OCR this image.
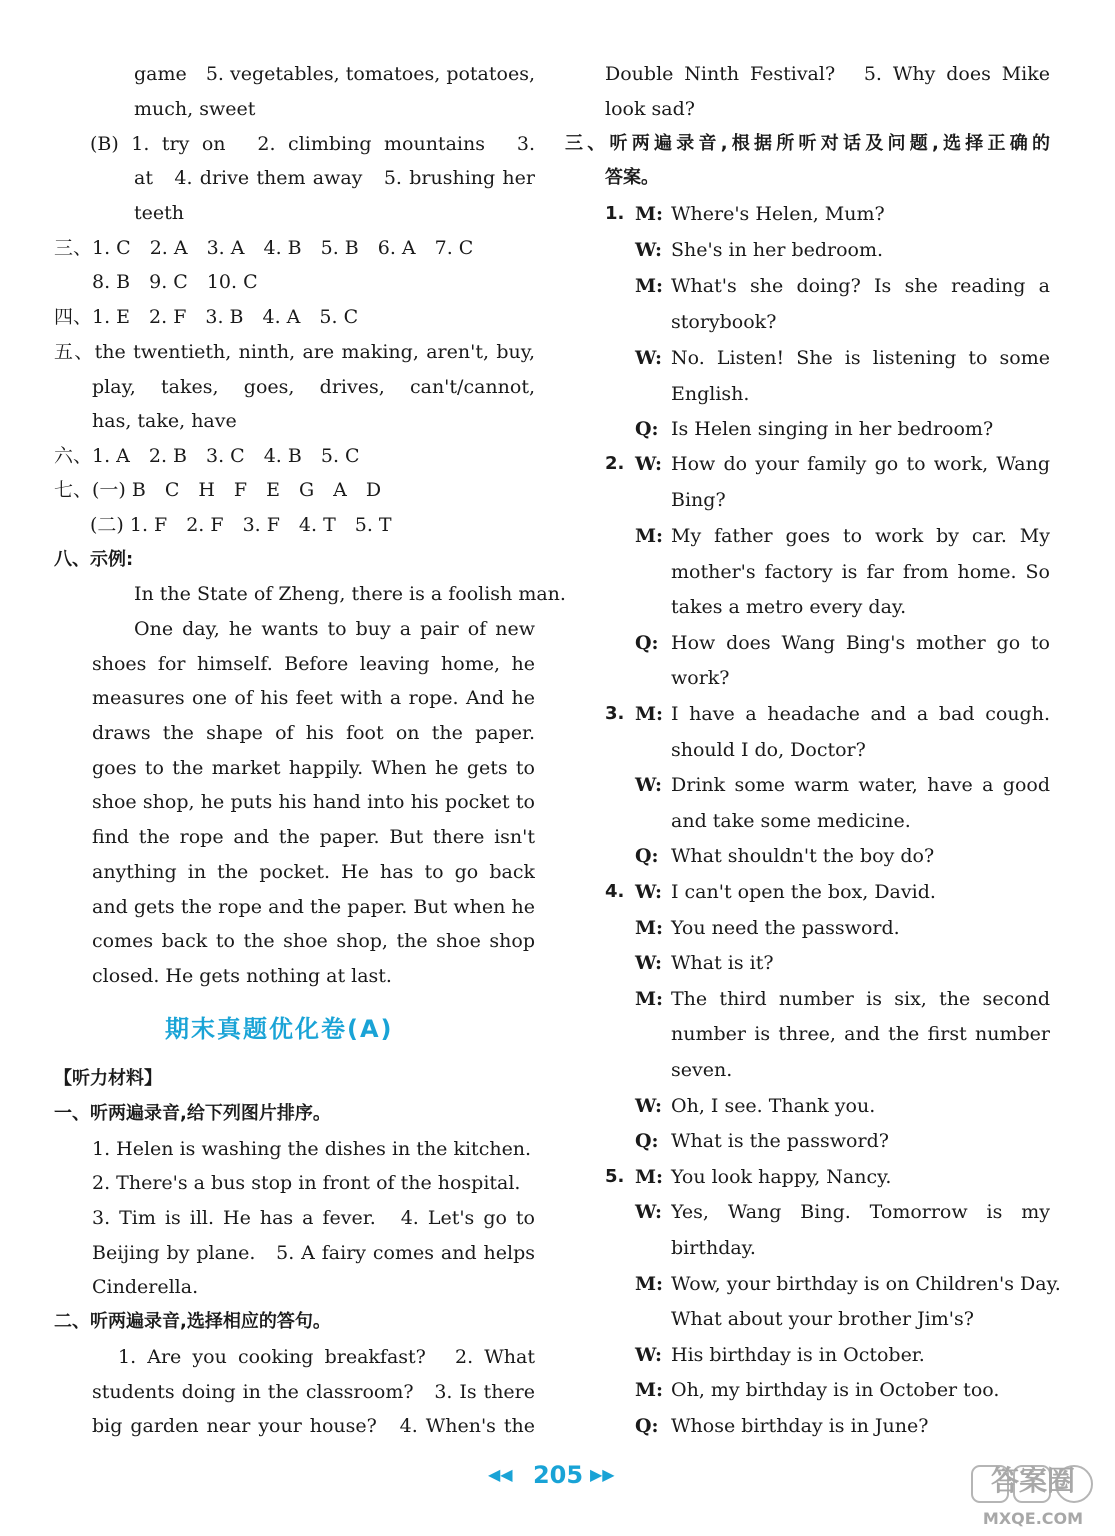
game　5. vegetables, tomatoes, potatoes,
much, sweet
(B) 1. try on　2. climbing mountains　3.
at　4. drive them away　5. brushing her
teeth
三、1. C　2. A　3. A　4. B　5. B　6. A　7. C
8. B　9. C　10. C
四、1. E　2. F　3. B　4. A　5. C
五、the twentieth, ninth, are making, aren't, buy,
play, takes, goes, drives, can't/cannot,
has, take, have
六、1. A　2. B　3. C　4. B　5. C
七、(一) B　C　H　F　E　G　A　D
(二) 1. F　2. F　3. F　4. T　5. T
八、示例:
In the State of Zheng, there is a foolish man.
One day, he wants to buy a pair of new
shoes for himself. Before leaving home, he
measures one of his feet with a rope. And he
draws the shape of his foot on the paper.
goes to the market happily. When he gets to
shoe shop, he puts his hand into his pocket to
find the rope and the paper. But there isn't
anything in the pocket. He has to go back
and gets the rope and the paper. But when he
comes back to the shoe shop, the shoe shop
closed. He gets nothing at last.
【听力材料】
一、听两遍录音,给下列图片排序。
1. Helen is washing the dishes in the kitchen.
2. There's a bus stop in front of the hospital.
3. Tim is ill. He has a fever.　4. Let's go to
Beijing by plane.　5. A fairy comes and helps
Cinderella.
二、听两遍录音,选择相应的答句。
1. Are you cooking breakfast?　2. What
students doing in the classroom?　3. Is there
big garden near your house?　4. When's the
Double Ninth Festival?　5. Why does Mike
look sad?
三、听两遍录音,根据所听对话及问题,选择正确的
答案。
1. Where's Helen, Mum?
She's in her bedroom.
What's she doing? Is she reading a
storybook?
No. Listen! She is listening to some
English.
Is Helen singing in her bedroom?
2. How do your family go to work, Wang
Bing?
My father goes to work by car. My
mother's factory is far from home. So
takes a metro every day.
How does Wang Bing's mother go to
work?
3. I have a headache and a bad cough.
should I do, Doctor?
Drink some warm water, have a good
and take some medicine.
What shouldn't the boy do?
4. I can't open the box, David.
You need the password.
What is it?
The third number is six, the second
number is three, and the first number
seven.
Oh, I see. Thank you.
What is the password?
5. You look happy, Nancy.
Yes, Wang Bing. Tomorrow is my
birthday.
Wow, your birthday is on Children's Day.
What about your brother Jim's?
His birthday is in October.
Oh, my birthday is in October too.
Whose birthday is in June?
M:
W:
M:
W:
Q:
W:
M:
Q:
M:
W:
Q:
W:
M:
W:
M:
W:
Q:
M:
W:
M:
W:
M:
Q:
期末真题优化卷(A)
◀◀ 205 ▶▶	答案圈
MXQE.COM
